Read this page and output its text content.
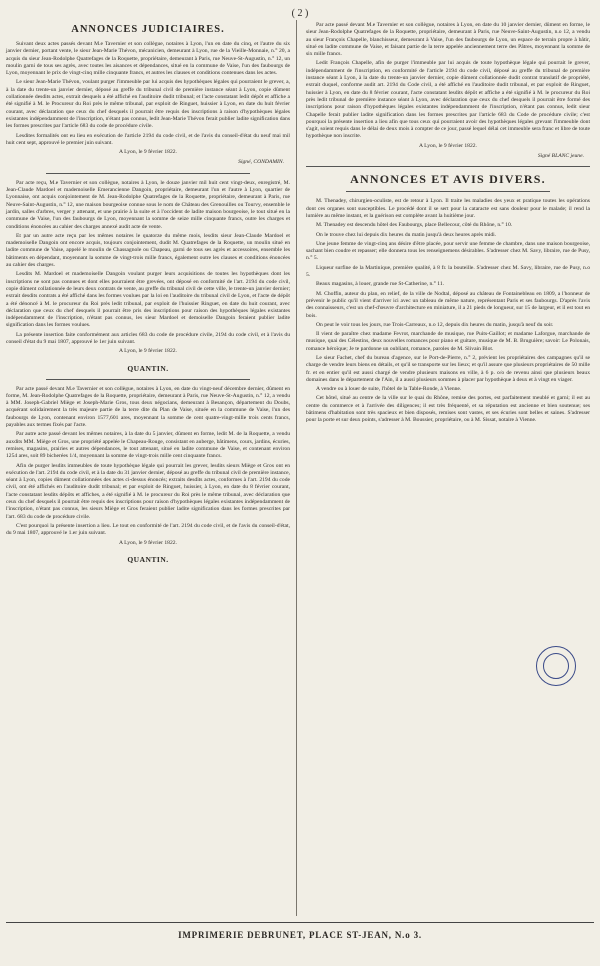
( 2 )
ANNONCES JUDICIAIRES.

Suivant deux actes passés devant M.e Tavernier et son collègue, notaires à Lyon, l'un en date du cinq, et l'autre du six janvier dernier, portant vente, le sieur Jean-Marie Thévon, mécanicien, demeurant à Lyon, rue de la Vieille-Monnaie, n.° 20, a acquis du sieur Jean-Rodolphe Quatrefages de la Roquette, propriétaire, demeurant à Paris, rue Neuve-St-Augustin, n.° 12, un moulin garni de tous ses agrès, avec toutes les aisances et dépendances, situé en la commune de Vaise, l'un des faubourgs de Lyon, moyennant le prix de vingt-cinq mille cinquante francs, et autres les clauses et conditions contenues dans les actes.

Le sieur Jean-Marie Thévon, voulant purger l'immeuble par lui acquis des hypothèques légales qui pourraient le grever, a, à la date du trente-un janvier dernier, déposé au greffe du tribunal civil de première instance séant à Lyon, copie dûment collationnée desdits actes, extrait desquels a été affiché en l'auditoire dudit tribunal; et l'acte constatant ledit dépôt et affiche a été signifié à M. le Procureur du Roi près le même tribunal, par exploit de Ringuet, huissier à Lyon, en date du huit février courant, avec déclaration que ceux du chef desquels il pourrait être requis des inscriptions à raison d'hypothèques légales existantes indépendamment de l'inscription, n'étant pas connus, ledit Jean-Marie Thévon ferait publier ladite signification dans les formes prescrites par l'article 683 du code de procédure civile.

Lesdites formalités ont eu lieu en exécution de l'article 2194 du code civil, et de l'avis du conseil-d'état du neuf mai mil huit cent sept, approuvé le premier juin suivant.

A Lyon, le 9 février 1822.

Signé, CONDAMIN.

Par acte reçu, M.e Tavernier et son collègue, notaires à Lyon, le douze janvier mil huit cent vingt-deux, enregistré, M. Jean-Claude Mardoel et mademoiselle Emerancienne Dangoin, propriétaire, demeurant l'un et l'autre à Lyon, quartier de Lyonnaise, ont acquis conjointement de M. Jean-Rodolphe Quatrefages de la Roquette, propriétaire, demeurant à Paris, rue Neuve-Saint-Augustin, n.° 12, une maison bourgeoise connue sous le nom de Château des Grenouilles ou Tourvy, ensemble le jardin, salles d'arbres, verger y attenant, et une prairie à la suite et à l'occident de ladite maison bourgeoise, le tout situé en la commune de Vaise, l'un des faubourgs de Lyon, moyennant la somme de seize mille cinquante francs, outre les charges et conditions énoncées au cahier des charges annexé audit acte de vente.

Et par un autre acte reçu par les mêmes notaires le quatorze du même mois, lesdits sieur Jean-Claude Mardoel et mademoiselle Dangoin ont encore acquis, toujours conjointement, dudit M. Quatrefages de la Roquette, un moulin situé en ladite commune de Vaise, appelé le moulin de Chassagnole ou Chapeau, garni de tous ses agrès et accessoires, ensemble les bâtiments en dépendant, moyennant la somme de vingt-trois mille francs, également outre les clauses et conditions énoncées au cahier des charges.

Lesdits M. Mardoel et mademoiselle Dangoin voulant purger leurs acquisitions de toutes les hypothèques dont les inscriptions ne sont pas connues et dont elles pourraient être grevées, ont déposé en conformité de l'art. 2194 du code civil, copie dûment collationnée de leurs deux contrats de vente, au greffe du tribunal civil de cette ville, le trente-un janvier dernier; extrait desdits contrats a été affiché dans les formes voulues par la loi en l'auditoire du tribunal civil de Lyon, et l'acte de dépôt a été dénoncé à M. le procureur du Roi près ledit tribunal, par exploit de l'huissier Ringuet, en date du huit courant, avec déclaration que ceux du chef desquels il pourrait être pris des inscriptions pour raison des hypothèques légales existantes indépendamment de l'inscription, n'étant pas connus, les sieur Mardoel et demoiselle Dangoin feraient publier ladite signification dans les formes voulues.

La présente insertion faite conformément aux articles 683 du code de procédure civile, 2194 du code civil, et à l'avis du conseil d'état du 9 mai 1807, approuvé le 1er juin suivant.

A Lyon, le 9 février 1822.

QUANTIN.

Par acte passé devant M.e Tavernier et son collègue, notaires à Lyon, en date du vingt-neuf décembre dernier, dûment en forme, M. Jean-Rodolphe Quatrefages de la Roquette, propriétaire, demeurant à Paris, rue Neuve-St-Augustin, n.° 12, a vendu à MM. Joseph-Gabriel Miège et Joseph-Marie Gros, tous deux négocians, demeurant à Besançon, département du Doubs, acquérant solidairement la très majeure partie de la terre dite du Plan de Vaise, située en la commune de Vaise, l'un des faubourgs de Lyon, contenant environ 1577,601 ares, moyennant la somme de cent quatre-vingt-mille trois cents francs, payables aux termes fixés par l'acte.

Par autre acte passé devant les mêmes notaires, à la date du 5 janvier, dûment en forme, ledit M. de la Roquette, a vendu auxdits MM. Miège et Gros, une propriété appelée le Chapeau-Rouge, consistant en auberge, bâtimens, cours, jardins, écuries, remises, magasins, prairies et autres dépendances, le tout attenant, situé en ladite commune de Vaise, et contenant environ 1254 ares, soit 89 bicherées 1/4, moyennant la somme de vingt-trois mille cent cinquante francs.

Afin de purger lesdits immeubles de toute hypothèque légale qui pourrait les grever, lesdits sieurs Miège et Gros ont en exécution de l'art. 2194 du code civil, et à la date du 31 janvier dernier, déposé au greffe du tribunal civil de première instance, séant à Lyon, copies dûment collationnées des actes ci-dessus énoncés; extraits desdits actes, conformes à l'art. 2194 du code civil, ont été affichés en l'auditoire dudit tribunal; et par exploit de Ringuet, huissier, à Lyon, en date du 8 février courant, l'acte constatant lesdits dépôts et affiches, a été signifié à M. le procureur du Roi près le même tribunal, avec déclaration que ceux du chef desquels il pourrait être requis des inscriptions pour raison d'hypothèques légales existantes indépendamment de l'inscription, n'étant pas connus, les sieurs Miège et Gros feraient publier ladite signification dans les formes prescrites par l'art. 683 du code de procédure civile.

C'est pourquoi la présente insertion a lieu. Le tout en conformité de l'art. 2194 du code civil, et de l'avis du conseil-d'état, du 9 mai 1807, approuvé le 1.er juin suivant.

A Lyon, le 9 février 1822.

QUANTIN.

Par acte passé devant M.e Tavernier et son collègue, notaires à Lyon, en date du 10 janvier dernier, dûment en forme, le sieur Jean-Rodolphe Quatrefages de la Roquette, propriétaire, demeurant à Paris, rue Neuve-Saint-Augustin, n.o 12, a vendu au sieur François Chapelle, blanchisseur, demeurant à Vaise, l'un des faubourgs de Lyon, un espace de terrain propre à bâtir, situé en ladite commune de Vaise, et faisant partie de la terre appelée anciennement terre des Pâtres, moyennant la somme de six mille francs.

Ledit François Chapelle, afin de purger l'immeuble par lui acquis de toute hypothèque légale qui pourrait le grever, indépendamment de l'inscription, en conformité de l'article 2194 du code civil, déposé au greffe du tribunal de première instance séant à Lyon, à la date du trente-un janvier dernier, copie dûment collationnée dudit contrat translatif de propriété, extrait duquel, conforme audit art. 2194 du Code civil, a été affiché en l'auditoire dudit tribunal, et par exploit de Ringuet, huissier à Lyon, en date du 8 février courant, l'acte constatant lesdits dépôt et affiche a été signifié à M. le procureur du Roi près ledit tribunal de première instance séant à Lyon, avec déclaration que ceux du chef desquels il pourrait être formé des inscriptions pour raison d'hypothèques légales existantes indépendamment de l'inscription, n'étant pas connus, ledit sieur Chapelle ferait publier ladite signification dans les formes prescrites par l'article 683 du Code de procédure civile; c'est pourquoi la présente insertion a lieu afin que tous ceux qui pourraient avoir des hypothèques légales grevant l'immeuble dont s'agit, soient requis dans le délai de deux mois à compter de ce jour, passé lequel délai cet immeuble sera franc et libre de toute hypothèque non inscrite.

A Lyon, le 9 février 1822.

Signé BLANC jeune.

ANNONCES ET AVIS DIVERS.

M. Thenadey, chirurgien-oculiste, est de retour à Lyon. Il traite les maladies des yeux et pratique toutes les opérations dont ces organes sont susceptibles. Le procédé dont il se sert pour la cataracte est sans douleur pour le malade; il rend la lumière au même instant, et la guérison est complète avant la huitième jour.

M. Thenadey est descendu hôtel des Faubourgs, place Bellecour, côté du Rhône, n.° 10.

On le trouve chez lui depuis dix heures du matin jusqu'à deux heures après midi.

Une jeune femme de vingt-cinq ans désire d'être placée, pour servir une femme de chambre, dans une maison bourgeoise, sachant bien coudre et repasser; elle donnera tous les renseignemens désirables. S'adresser chez M. Savy, libraire, rue de Pusy, n.° 5.

Liqueur surfine de la Martinique, première qualité, à 8 fr. la bouteille. S'adresser chez M. Savy, libraire, rue de Pusy, n.o 5.

Beaux magasins, à louer, grande rue St-Catherine, n.° 11.

M. Choffin, auteur du plan, en relief, de la ville de Nodtal, déposé au château de Fontainebleau en 1809, a l'honneur de prévenir le public qu'il vient d'arriver ici avec un tableau de même nature, représentant Paris et ses faubourgs. D'après l'avis des connaisseurs, c'est un chef-d'œuvre d'architecture en miniature, il a 21 pieds de longueur, sur 15 de largeur, et il est tout en bois.

On peut le voir tous les jours, rue Trois-Carreaux, n.o 12, depuis dix heures du matin, jusqu'à neuf du soir.

Il vient de paraître chez madame Fevrot, marchande de musique, rue Puits-Gaillot; et madame Laforgue, marchande de musique, quai des Célestins, deux nouvelles romances pour piano et guitare, musique de M. B. Bruguière; savoir: Le Polonais, romance héroïque; Je te pardonne un oubliant, romance, paroles de M. Slivain Blot.

Le sieur Fachet, chef du bureau d'agence, sur le Port-de-Pierre, n.° 2, prévient les propriétaires des campagnes qu'il se charge de vendre leurs biens en détails, et qu'il se transporte sur les lieux; et qu'il assure que plusieurs propriétaires de 50 mille fr. et en entier qu'il est aussi chargé de vendre plusieurs maisons en ville, à 6 p. o/o de revenu ainsi que plusieurs beaux domaines dans le département de l'Ain, il a aussi plusieurs sommes à placer par hypothèque à deux et à vingt en viager.

A vendre ou à louer de suite, l'hôtel de la Table-Ronde, à Vienne.

Cet hôtel, situé au centre de la ville sur le quai du Rhône, remise des portes, est parfaitement meublé et garni; il est au centre du commerce et à l'arrivée des diligences; il est très fréquenté, et sa réputation est ancienne et bien soutenue; ses bâtimens d'habitation sont très spacieux et bien disposés, remises sont vastes, et ses écuries sont belles et saines. S'adresser pour la porte et sur deux points, s'adresser à M. Boussier, propriétaire, ou à M. Sissat, notaire à Vienne.

IMPRIMERIE DEBRUNET, PLACE ST-JEAN, N.o 3.
